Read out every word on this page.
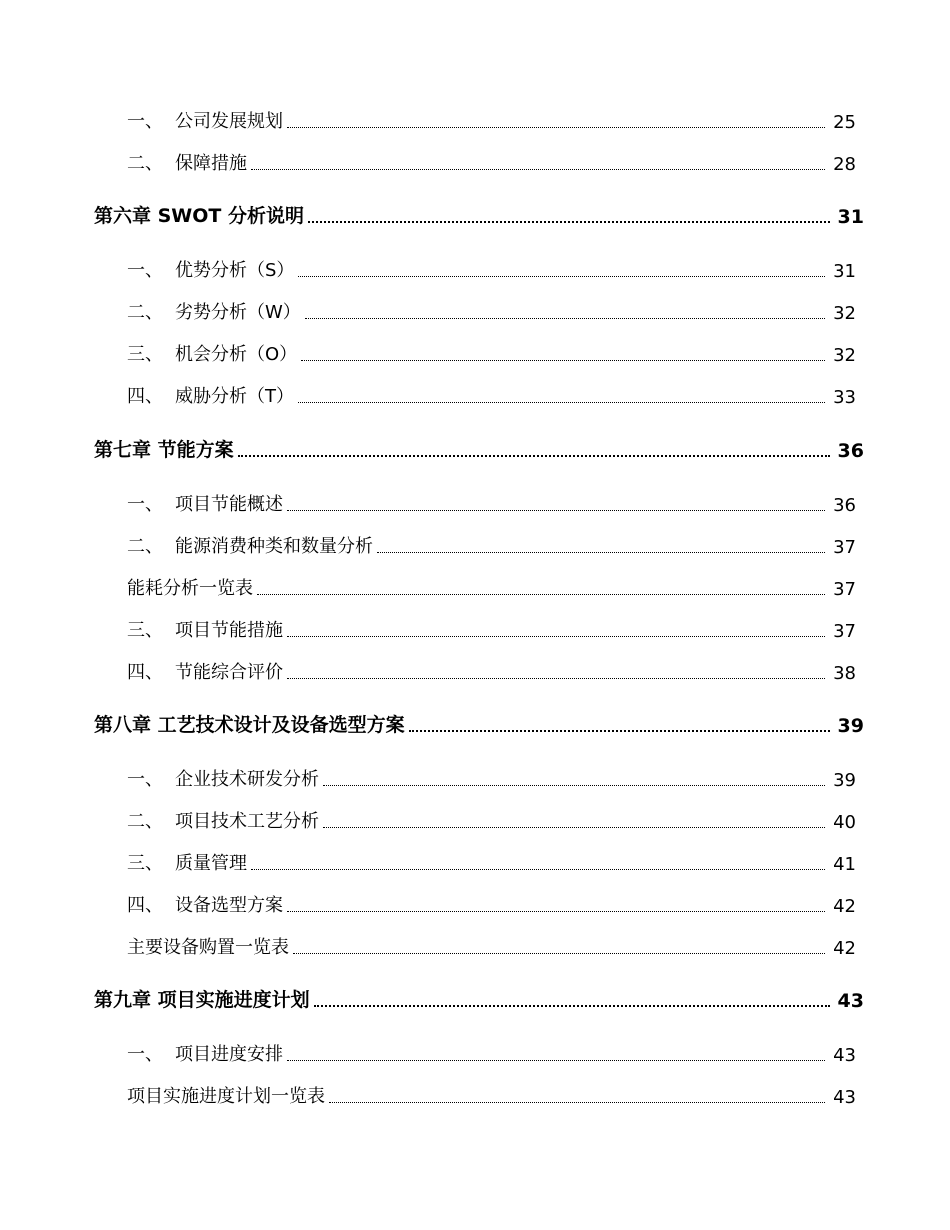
一、 公司发展规划	25
二、 保障措施	28
第六章 SWOT 分析说明	31
一、 优势分析（S）	31
二、 劣势分析（W）	32
三、 机会分析（O）	32
四、 威胁分析（T）	33
第七章 节能方案	36
一、 项目节能概述	36
二、 能源消费种类和数量分析	37
能耗分析一览表	37
三、 项目节能措施	37
四、 节能综合评价	38
第八章 工艺技术设计及设备选型方案	39
一、 企业技术研发分析	39
二、 项目技术工艺分析	40
三、 质量管理	41
四、 设备选型方案	42
主要设备购置一览表	42
第九章 项目实施进度计划	43
一、 项目进度安排	43
项目实施进度计划一览表	43
